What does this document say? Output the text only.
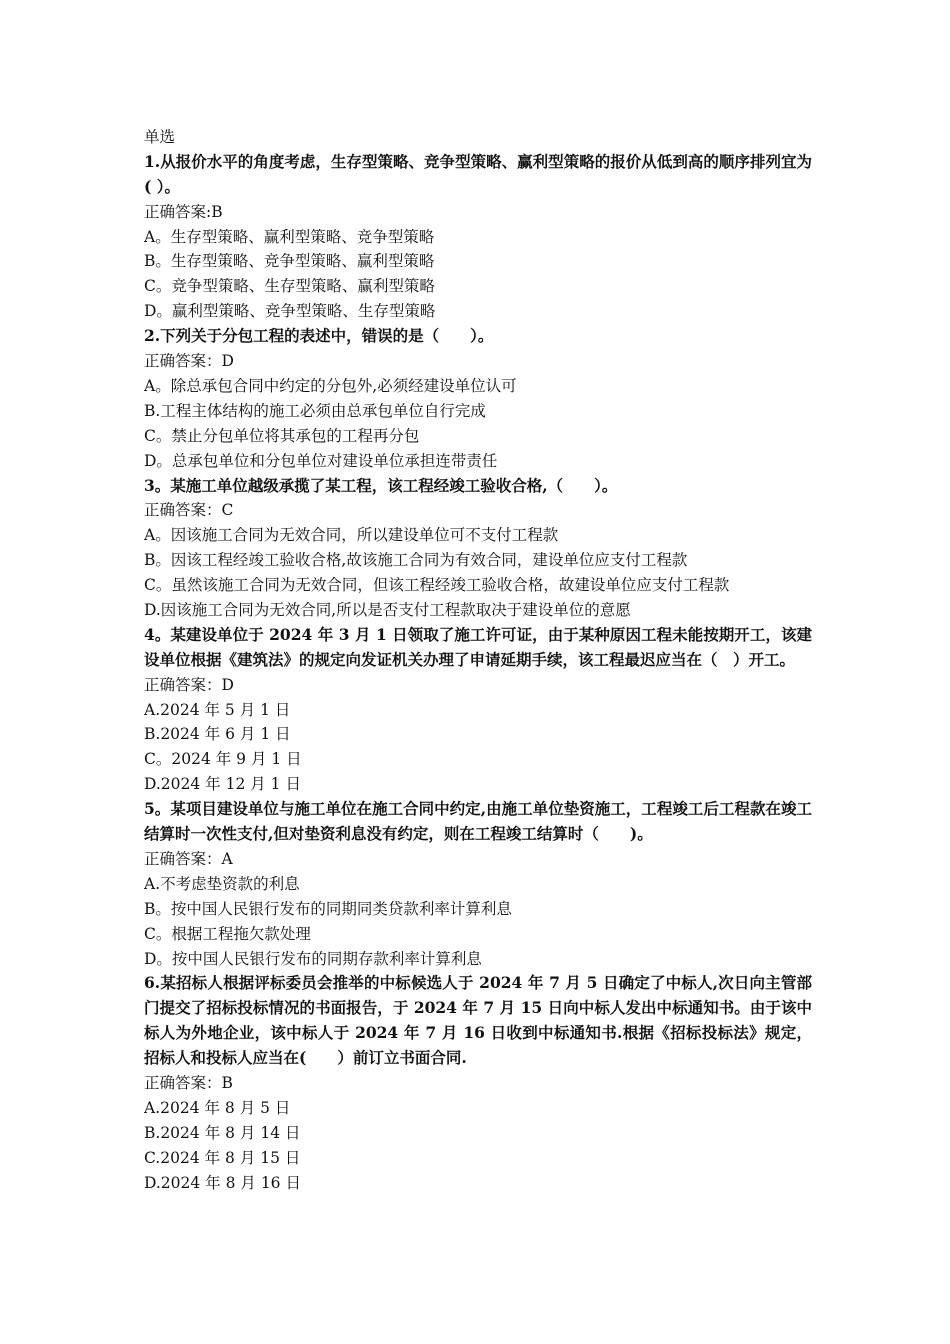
单选
1.从报价水平的角度考虑，生存型策略、竞争型策略、赢利型策略的报价从低到高的顺序排列宜为( ）。
正确答案:B
A。生存型策略、赢利型策略、竞争型策略
B。生存型策略、竞争型策略、赢利型策略
C。竞争型策略、生存型策略、赢利型策略
D。赢利型策略、竞争型策略、生存型策略
2.下列关于分包工程的表述中，错误的是（　　）。
正确答案：D
A。除总承包合同中约定的分包外,必须经建设单位认可
B.工程主体结构的施工必须由总承包单位自行完成
C。禁止分包单位将其承包的工程再分包
D。总承包单位和分包单位对建设单位承担连带责任
3。某施工单位越级承揽了某工程，该工程经竣工验收合格,（　　）。
正确答案：C
A。因该施工合同为无效合同，所以建设单位可不支付工程款
B。因该工程经竣工验收合格,故该施工合同为有效合同，建设单位应支付工程款
C。虽然该施工合同为无效合同，但该工程经竣工验收合格，故建设单位应支付工程款
D.因该施工合同为无效合同,所以是否支付工程款取决于建设单位的意愿
4。某建设单位于 2024 年 3 月 1 日领取了施工许可证，由于某种原因工程未能按期开工，该建设单位根据《建筑法》的规定向发证机关办理了申请延期手续，该工程最迟应当在（　）开工。
正确答案：D
A.2024 年 5 月 1 日
B.2024 年 6 月 1 日
C。2024 年 9 月 1 日
D.2024 年 12 月 1 日
5。某项目建设单位与施工单位在施工合同中约定,由施工单位垫资施工，工程竣工后工程款在竣工结算时一次性支付,但对垫资利息没有约定，则在工程竣工结算时（　　)。
正确答案：A
A.不考虑垫资款的利息
B。按中国人民银行发布的同期同类贷款利率计算利息
C。根据工程拖欠款处理
D。按中国人民银行发布的同期存款利率计算利息
6.某招标人根据评标委员会推举的中标候选人于 2024 年 7 月 5 日确定了中标人,次日向主管部门提交了招标投标情况的书面报告，于 2024 年 7 月 15 日向中标人发出中标通知书。由于该中标人为外地企业，该中标人于 2024 年 7 月 16 日收到中标通知书.根据《招标投标法》规定，招标人和投标人应当在(　　）前订立书面合同.
正确答案：B
A.2024 年 8 月 5 日
B.2024 年 8 月 14 日
C.2024 年 8 月 15 日
D.2024 年 8 月 16 日
